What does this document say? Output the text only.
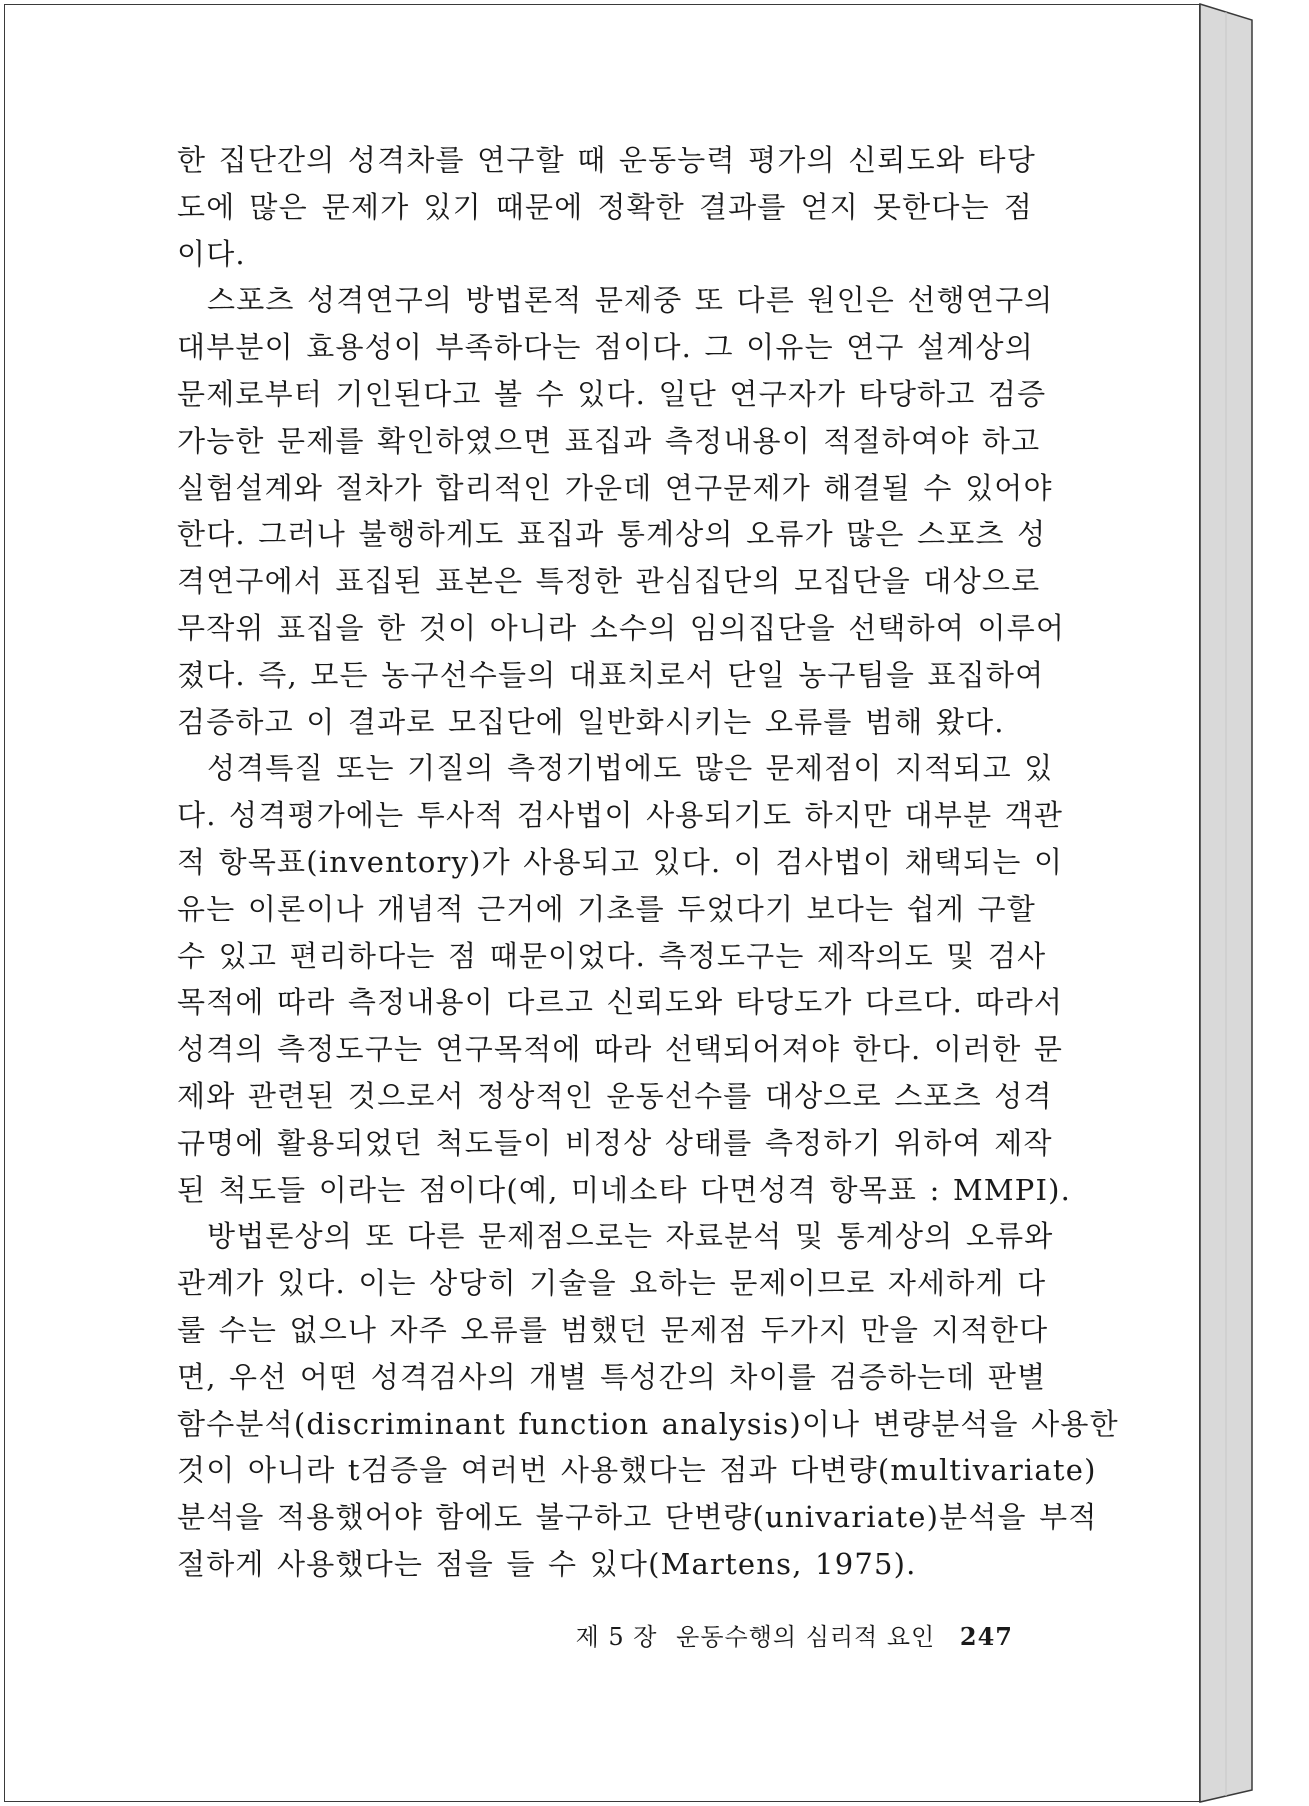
한 집단간의 성격차를 연구할 때 운동능력 평가의 신뢰도와 타당
도에 많은 문제가 있기 때문에 정확한 결과를 얻지 못한다는 점
이다.
스포츠 성격연구의 방법론적 문제중 또 다른 원인은 선행연구의
대부분이 효용성이 부족하다는 점이다. 그 이유는 연구 설계상의
문제로부터 기인된다고 볼 수 있다. 일단 연구자가 타당하고 검증
가능한 문제를 확인하였으면 표집과 측정내용이 적절하여야 하고
실험설계와 절차가 합리적인 가운데 연구문제가 해결될 수 있어야
한다. 그러나 불행하게도 표집과 통계상의 오류가 많은 스포츠 성
격연구에서 표집된 표본은 특정한 관심집단의 모집단을 대상으로
무작위 표집을 한 것이 아니라 소수의 임의집단을 선택하여 이루어
졌다. 즉, 모든 농구선수들의 대표치로서 단일 농구팀을 표집하여
검증하고 이 결과로 모집단에 일반화시키는 오류를 범해 왔다.
성격특질 또는 기질의 측정기법에도 많은 문제점이 지적되고 있
다. 성격평가에는 투사적 검사법이 사용되기도 하지만 대부분 객관
적 항목표(inventory)가 사용되고 있다. 이 검사법이 채택되는 이
유는 이론이나 개념적 근거에 기초를 두었다기 보다는 쉽게 구할
수 있고 편리하다는 점 때문이었다. 측정도구는 제작의도 및 검사
목적에 따라 측정내용이 다르고 신뢰도와 타당도가 다르다. 따라서
성격의 측정도구는 연구목적에 따라 선택되어져야 한다. 이러한 문
제와 관련된 것으로서 정상적인 운동선수를 대상으로 스포츠 성격
규명에 활용되었던 척도들이 비정상 상태를 측정하기 위하여 제작
된 척도들 이라는 점이다(예, 미네소타 다면성격 항목표 : MMPI).
방법론상의 또 다른 문제점으로는 자료분석 및 통계상의 오류와
관계가 있다. 이는 상당히 기술을 요하는 문제이므로 자세하게 다
룰 수는 없으나 자주 오류를 범했던 문제점 두가지 만을 지적한다
면, 우선 어떤 성격검사의 개별 특성간의 차이를 검증하는데 판별
함수분석(discriminant function analysis)이나 변량분석을 사용한
것이 아니라 t검증을 여러번 사용했다는 점과 다변량(multivariate)
분석을 적용했어야 함에도 불구하고 단변량(univariate)분석을 부적
절하게 사용했다는 점을 들 수 있다(Martens, 1975).
제 5 장 운동수행의 심리적 요인 247
